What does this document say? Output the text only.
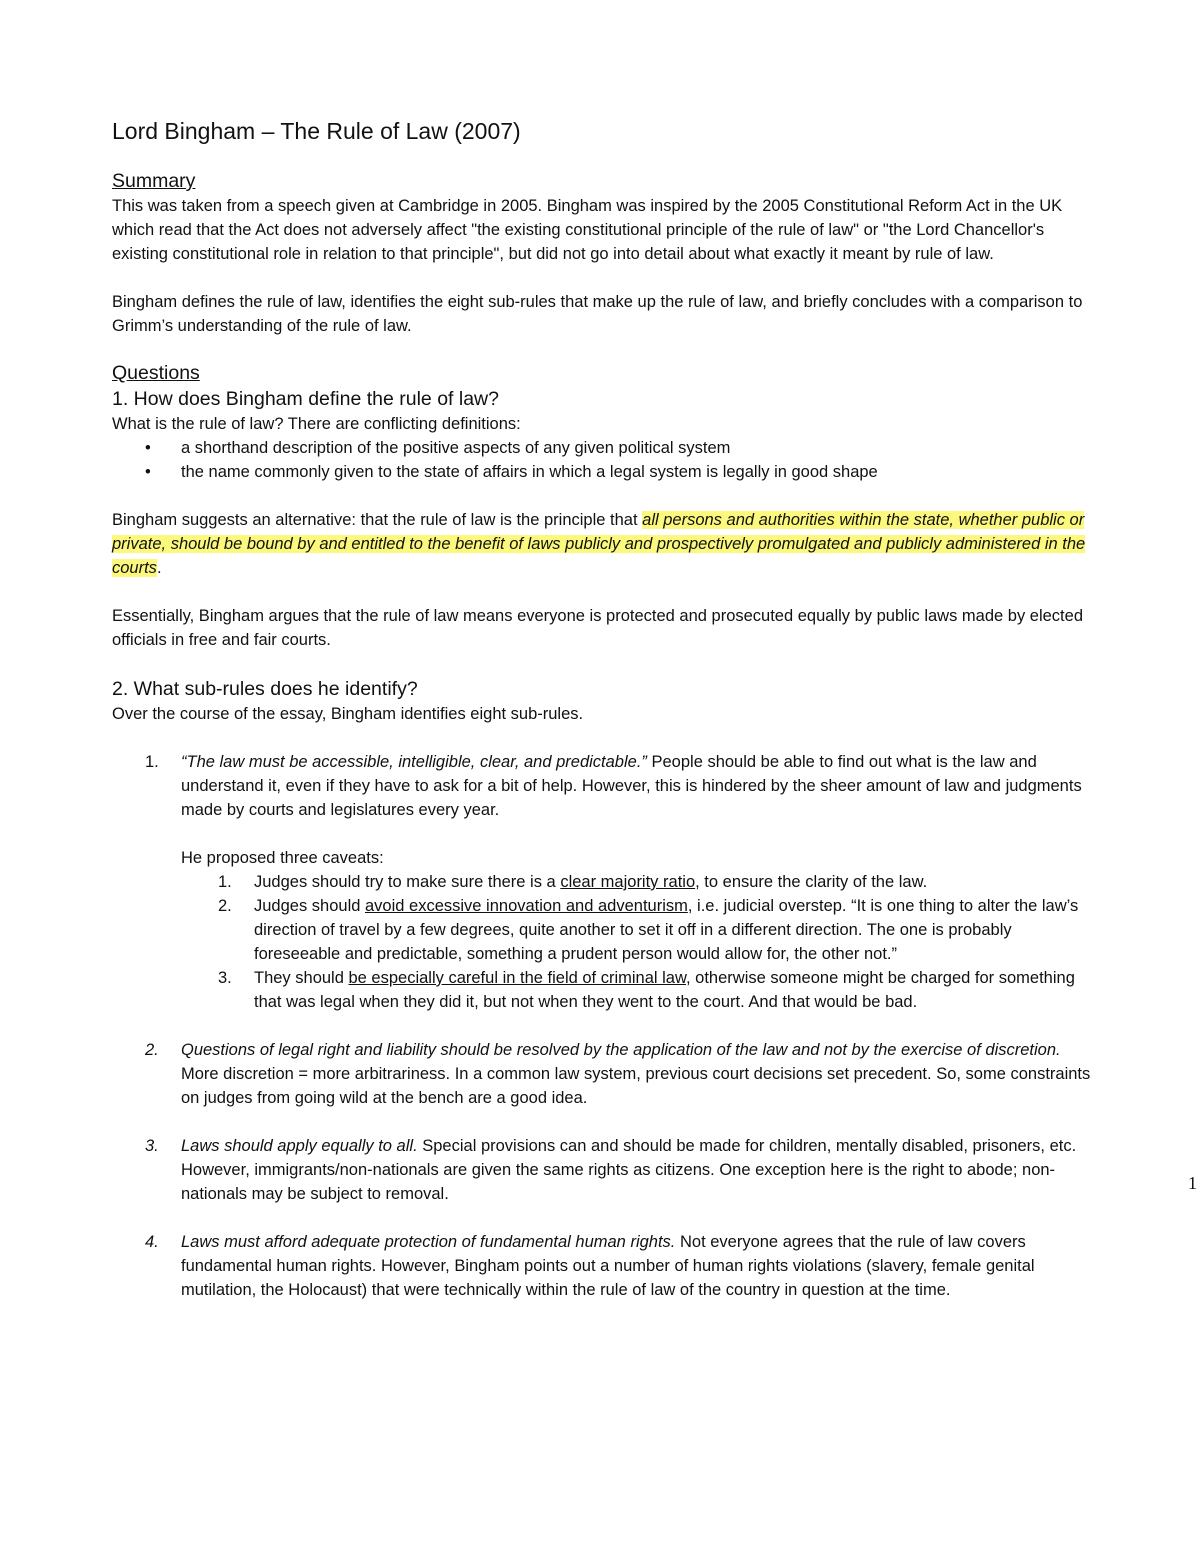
Lord Bingham – The Rule of Law (2007)
Summary

This was taken from a speech given at Cambridge in 2005. Bingham was inspired by the 2005 Constitutional Reform Act in the UK which read that the Act does not adversely affect "the existing constitutional principle of the rule of law" or "the Lord Chancellor's existing constitutional role in relation to that principle", but did not go into detail about what exactly it meant by rule of law.

Bingham defines the rule of law, identifies the eight sub-rules that make up the rule of law, and briefly concludes with a comparison to Grimm’s understanding of the rule of law.

Questions
1. How does Bingham define the rule of law?

What is the rule of law? There are conflicting definitions:

• a shorthand description of the positive aspects of any given political system
• the name commonly given to the state of affairs in which a legal system is legally in good shape

Bingham suggests an alternative: that the rule of law is the principle that all persons and authorities within the state, whether public or private, should be bound by and entitled to the benefit of laws publicly and prospectively promulgated and publicly administered in the courts.

Essentially, Bingham argues that the rule of law means everyone is protected and prosecuted equally by public laws made by elected officials in free and fair courts.

2. What sub-rules does he identify?

Over the course of the essay, Bingham identifies eight sub-rules.

1. “The law must be accessible, intelligible, clear, and predictable.” People should be able to find out what is the law and understand it, even if they have to ask for a bit of help. However, this is hindered by the sheer amount of law and judgments made by courts and legislatures every year.

He proposed three caveats:

1. Judges should try to make sure there is a clear majority ratio, to ensure the clarity of the law.
2. Judges should avoid excessive innovation and adventurism, i.e. judicial overstep. “It is one thing to alter the law’s direction of travel by a few degrees, quite another to set it off in a different direction. The one is probably foreseeable and predictable, something a prudent person would allow for, the other not.”
3. They should be especially careful in the field of criminal law, otherwise someone might be charged for something that was legal when they did it, but not when they went to the court. And that would be bad.
2. Questions of legal right and liability should be resolved by the application of the law and not by the exercise of discretion. More discretion = more arbitrariness. In a common law system, previous court decisions set precedent. So, some constraints on judges from going wild at the bench are a good idea.
3. Laws should apply equally to all. Special provisions can and should be made for children, mentally disabled, prisoners, etc. However, immigrants/non-nationals are given the same rights as citizens. One exception here is the right to abode; non-nationals may be subject to removal.
4. Laws must afford adequate protection of fundamental human rights. Not everyone agrees that the rule of law covers fundamental human rights. However, Bingham points out a number of human rights violations (slavery, female genital mutilation, the Holocaust) that were technically within the rule of law of the country in question at the time.
1
